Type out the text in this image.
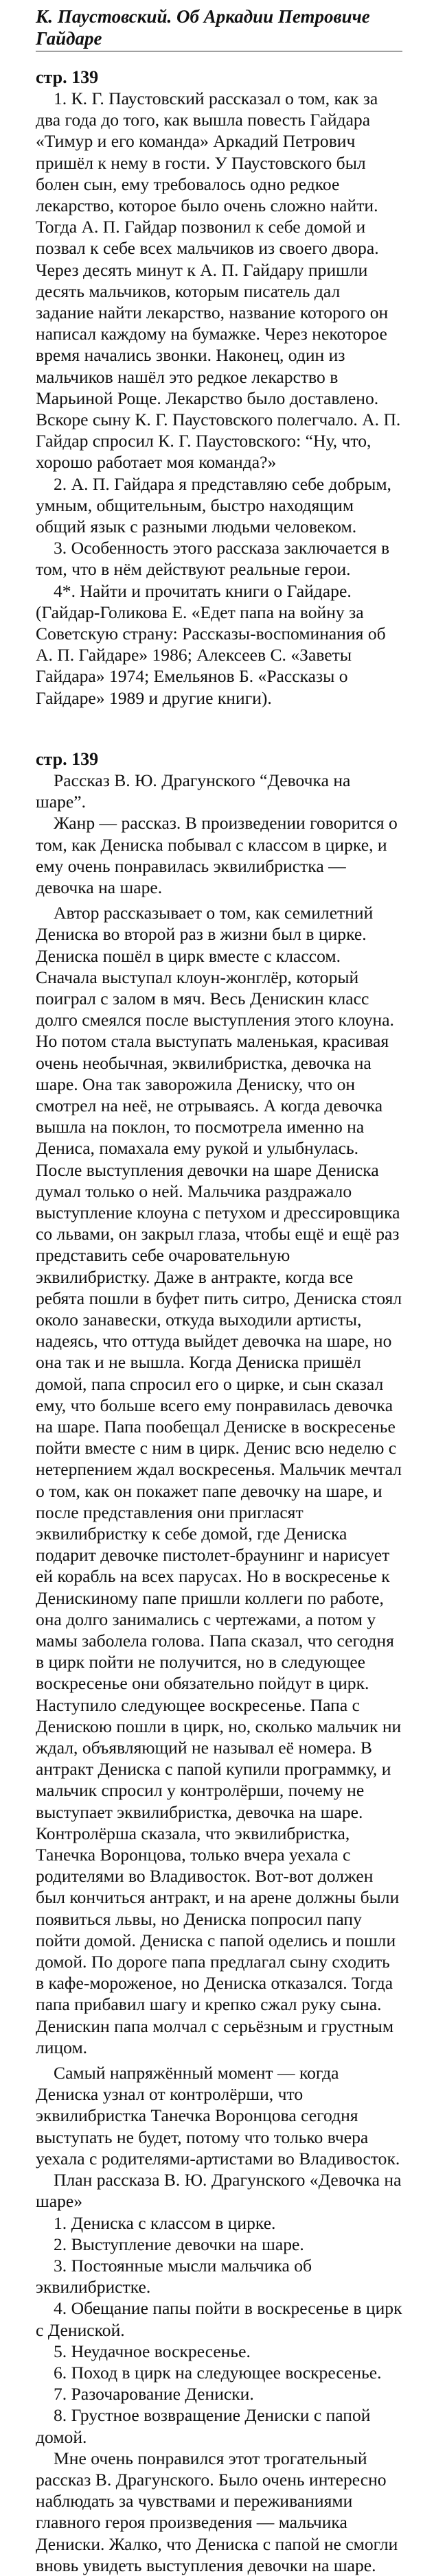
К. Паустовский. Об Аркадии Петровиче Гайдаре
стр. 139

1. К. Г. Паустовский рассказал о том, как за два года до того, как вышла повесть Гайдара «Тимур и его команда» Аркадий Петрович пришёл к нему в гости. У Паустовского был болен сын, ему требовалось одно редкое лекарство, которое было очень сложно найти. Тогда А. П. Гайдар позвонил к себе домой и позвал к себе всех мальчиков из своего двора. Через десять минут к А. П. Гайдару пришли десять мальчиков, которым писатель дал задание найти лекарство, название которого он написал каждому на бумажке. Через некоторое время начались звонки. Наконец, один из мальчиков нашёл это редкое лекарство в Марьиной Роще. Лекарство было доставлено. Вскоре сыну К. Г. Паустовского полегчало. А. П. Гайдар спросил К. Г. Паустовского: “Ну, что, хорошо работает моя команда?»

2. А. П. Гайдара я представляю себе добрым, умным, общительным, быстро находящим общий язык с разными людьми человеком.

3. Особенность этого рассказа заключается в том, что в нём действуют реальные герои.

4*. Найти и прочитать книги о Гайдаре. (Гайдар-Голикова Е. «Едет папа на войну за Советскую страну: Рассказы-воспоминания об А. П. Гайдаре» 1986; Алексеев С. «Заветы Гайдара» 1974; Емельянов Б. «Рассказы о Гайдаре» 1989 и другие книги).

стр. 139

Рассказ В. Ю. Драгунского “Девочка на шаре”.

Жанр — рассказ. В произведении говорится о том, как Дениска побывал с классом в цирке, и ему очень понравилась эквилибристка — девочка на шаре.

Автор рассказывает о том, как семилетний Дениска во второй раз в жизни был в цирке. Дениска пошёл в цирк вместе с классом. Сначала выступал клоун-жонглёр, который поиграл с залом в мяч. Весь Денискин класс долго смеялся после выступления этого клоуна. Но потом стала выступать маленькая, красивая очень необычная, эквилибристка, девочка на шаре. Она так заворожила Дениску, что он смотрел на неё, не отрываясь. А когда девочка вышла на поклон, то посмотрела именно на Дениса, помахала ему рукой и улыбнулась. После выступления девочки на шаре Дениска думал только о ней. Мальчика раздражало выступление клоуна с петухом и дрессировщика со львами, он закрыл глаза, чтобы ещё и ещё раз представить себе очаровательную эквилибристку. Даже в антракте, когда все ребята пошли в буфет пить ситро, Дениска стоял около занавески, откуда выходили артисты, надеясь, что оттуда выйдет девочка на шаре, но она так и не вышла. Когда Дениска пришёл домой, папа спросил его о цирке, и сын сказал ему, что больше всего ему понравилась девочка на шаре. Папа пообещал Дениске в воскресенье пойти вместе с ним в цирк. Денис всю неделю с нетерпением ждал воскресенья. Мальчик мечтал о том, как он покажет папе девочку на шаре, и после представления они пригласят эквилибристку к себе домой, где Дениска подарит девочке пистолет-браунинг и нарисует ей корабль на всех парусах. Но в воскресенье к Денискиному папе пришли коллеги по работе, она долго занимались с чертежами, а потом у мамы заболела голова. Папа сказал, что сегодня в цирк пойти не получится, но в следующее воскресенье они обязательно пойдут в цирк. Наступило следующее воскресенье. Папа с Денискою пошли в цирк, но, сколько мальчик ни ждал, объявляющий не называл её номера. В антракт Дениска с папой купили программку, и мальчик спросил у контролёрши, почему не выступает эквилибристка, девочка на шаре. Контролёрша сказала, что эквилибристка, Танечка Воронцова, только вчера уехала с родителями во Владивосток. Вот-вот должен был кончиться антракт, и на арене должны были появиться львы, но Дениска попросил папу пойти домой. Дениска с папой оделись и пошли домой. По дороге папа предлагал сыну сходить в кафе-мороженое, но Дениска отказался. Тогда папа прибавил шагу и крепко сжал руку сына. Денискин папа молчал с серьёзным и грустным лицом.

Самый напряжённый момент — когда Дениска узнал от контролёрши, что эквилибристка Танечка Воронцова сегодня выступать не будет, потому что только вчера уехала с родителями-артистами во Владивосток.

План рассказа В. Ю. Драгунского «Девочка на шаре»

1. Дениска с классом в цирке.

2. Выступление девочки на шаре.

3. Постоянные мысли мальчика об эквилибристке.

4. Обещание папы пойти в воскресенье в цирк с Дениской.

5. Неудачное воскресенье.

6. Поход в цирк на следующее воскресенье.

7. Разочарование Дениски.

8. Грустное возвращение Дениски с папой домой.

Мне очень понравился этот трогательный рассказ В. Драгунского. Было очень интересно наблюдать за чувствами и переживаниями главного героя произведения — мальчика Дениски. Жалко, что Дениска с папой не смогли вновь увидеть выступления девочки на шаре.
